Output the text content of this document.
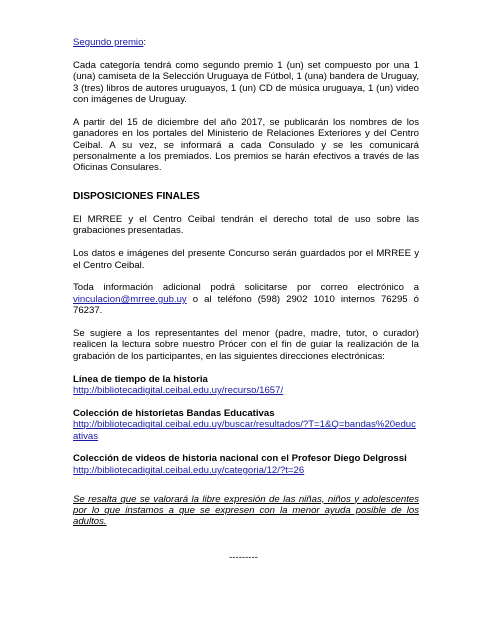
Segundo premio:

Cada categoría tendrá como segundo premio 1 (un) set compuesto por una 1 (una) camiseta de la Selección Uruguaya de Fútbol, 1 (una) bandera de Uruguay, 3 (tres) libros de autores uruguayos, 1 (un) CD de música uruguaya, 1 (un) video con imágenes de Uruguay.

A partir del 15 de diciembre del año 2017, se publicarán los nombres de los ganadores en los portales del Ministerio de Relaciones Exteriores y del Centro Ceibal. A su vez, se informará a cada Consulado y se les comunicará personalmente a los premiados. Los premios se harán efectivos a través de las Oficinas Consulares.

DISPOSICIONES FINALES

El MRREE y el Centro Ceibal tendrán el derecho total de uso sobre las grabaciones presentadas.

Los datos e imágenes del presente Concurso serán guardados por el MRREE y el Centro Ceibal.

Toda información adicional podrá solicitarse por correo electrónico a vinculacion@mrree.gub.uy o al teléfono (598) 2902 1010 internos 76295 ó 76237.

Se sugiere a los representantes del menor (padre, madre, tutor, o curador) realicen la lectura sobre nuestro Prócer con el fin de guiar la realización de la grabación de los participantes, en las siguientes direcciones electrónicas:

Línea de tiempo de la historia

http://bibliotecadigital.ceibal.edu.uy/recurso/1657/

Colección de historietas Bandas Educativas

http://bibliotecadigital.ceibal.edu.uy/buscar/resultados/?T=1&Q=bandas%20educativas

Colección de videos de historia nacional con el Profesor Diego Delgrossi

http://bibliotecadigital.ceibal.edu.uy/categoria/12/?t=26

Se resalta que se valorará la libre expresión de las niñas, niños y adolescentes por lo que instamos a que se expresen con la menor ayuda posible de los adultos.

---------
